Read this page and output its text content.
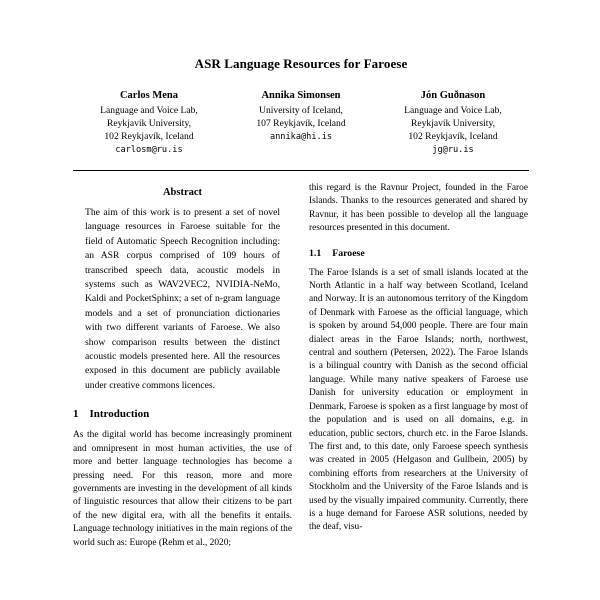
ASR Language Resources for Faroese
Carlos Mena
Language and Voice Lab,
Reykjavík University,
102 Reykjavík, Iceland
carlosm@ru.is
Annika Simonsen
University of Iceland,
107 Reykjavík, Iceland
annika@hi.is
Jón Guðnason
Language and Voice Lab,
Reykjavík University,
102 Reykjavík, Iceland
jg@ru.is
Abstract

The aim of this work is to present a set of novel language resources in Faroese suitable for the field of Automatic Speech Recognition including: an ASR corpus comprised of 109 hours of transcribed speech data, acoustic models in systems such as WAV2VEC2, NVIDIA-NeMo, Kaldi and PocketSphinx; a set of n-gram language models and a set of pronunciation dictionaries with two different variants of Faroese. We also show comparison results between the distinct acoustic models presented here. All the resources exposed in this document are publicly available under creative commons licences.

1 Introduction

As the digital world has become increasingly prominent and omnipresent in most human activities, the use of more and better language technologies has become a pressing need. For this reason, more and more governments are investing in the development of all kinds of linguistic resources that allow their citizens to be part of the new digital era, with all the benefits it entails. Language technology initiatives in the main regions of the world such as: Europe (Rehm et al., 2020;

this regard is the Ravnur Project, founded in the Faroe Islands. Thanks to the resources generated and shared by Ravnur, it has been possible to develop all the language resources presented in this document.

1.1 Faroese

The Faroe Islands is a set of small islands located at the North Atlantic in a half way between Scotland, Iceland and Norway. It is an autonomous territory of the Kingdom of Denmark with Faroese as the official language, which is spoken by around 54,000 people. There are four main dialect areas in the Faroe Islands; north, northwest, central and southern (Petersen, 2022). The Faroe Islands is a bilingual country with Danish as the second official language. While many native speakers of Faroese use Danish for university education or employment in Denmark, Faroese is spoken as a first language by most of the population and is used on all domains, e.g. in education, public sectors, church etc. in the Faroe Islands. The first and, to this date, only Faroese speech synthesis was created in 2005 (Helgason and Gullbein, 2005) by combining efforts from researchers at the University of Stockholm and the University of the Faroe Islands and is used by the visually impaired community. Currently, there is a huge demand for Faroese ASR solutions, needed by the deaf, visu-
